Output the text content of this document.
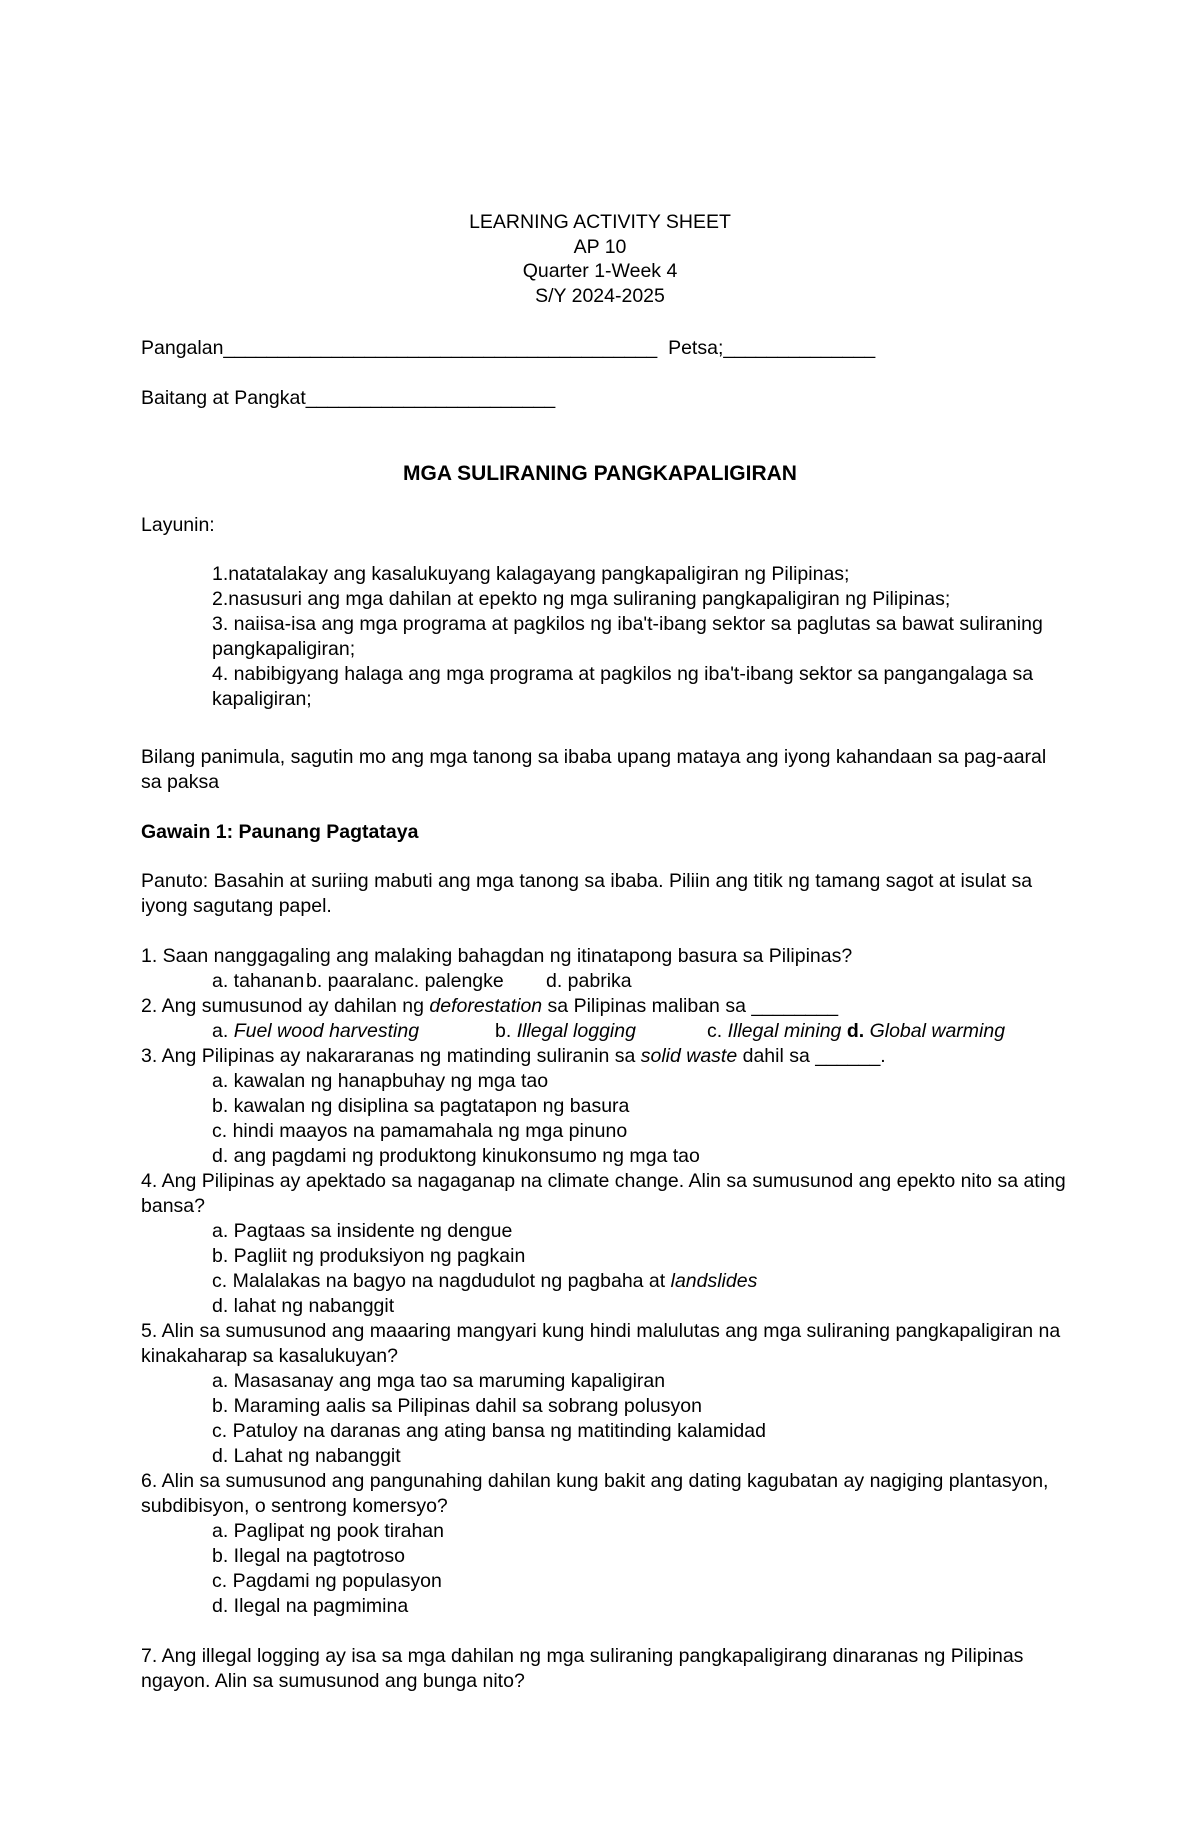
LEARNING ACTIVITY SHEET
AP 10
Quarter 1-Week 4
S/Y 2024-2025
Pangalan________________________________________ Petsa;______________
Baitang at Pangkat_______________________
MGA SULIRANING PANGKAPALIGIRAN
Layunin:
1.natatalakay ang kasalukuyang kalagayang pangkapaligiran ng Pilipinas;
2.nasusuri ang mga dahilan at epekto ng mga suliraning pangkapaligiran ng Pilipinas;
3. naiisa-isa ang mga programa at pagkilos ng iba't-ibang sektor sa paglutas sa bawat suliraning pangkapaligiran;
4. nabibigyang halaga ang mga programa at pagkilos ng iba't-ibang sektor sa pangangalaga sa kapaligiran;
Bilang panimula, sagutin mo ang mga tanong sa ibaba upang mataya ang iyong kahandaan sa pag-aaral sa paksa
Gawain 1: Paunang Pagtataya
Panuto: Basahin at suriing mabuti ang mga tanong sa ibaba. Piliin ang titik ng tamang sagot at isulat sa iyong sagutang papel.
1. Saan nanggagaling ang malaking bahagdan ng itinatapong basura sa Pilipinas?
a. tahananb. paaralanc. palengke d. pabrika
2. Ang sumusunod ay dahilan ng deforestation sa Pilipinas maliban sa ________
a. Fuel wood harvesting	b. Illegal logging	c. Illegal mining d. Global warming
3. Ang Pilipinas ay nakararanas ng matinding suliranin sa solid waste dahil sa ______.
a. kawalan ng hanapbuhay ng mga tao
b. kawalan ng disiplina sa pagtatapon ng basura
c. hindi maayos na pamamahala ng mga pinuno
d. ang pagdami ng produktong kinukonsumo ng mga tao
4. Ang Pilipinas ay apektado sa nagaganap na climate change. Alin sa sumusunod ang epekto nito sa ating bansa?
a. Pagtaas sa insidente ng dengue
b. Pagliit ng produksiyon ng pagkain
c. Malalakas na bagyo na nagdudulot ng pagbaha at landslides
d. lahat ng nabanggit
5. Alin sa sumusunod ang maaaring mangyari kung hindi malulutas ang mga suliraning pangkapaligiran na kinakaharap sa kasalukuyan?
a. Masasanay ang mga tao sa maruming kapaligiran
b. Maraming aalis sa Pilipinas dahil sa sobrang polusyon
c. Patuloy na daranas ang ating bansa ng matitinding kalamidad
d. Lahat ng nabanggit
6. Alin sa sumusunod ang pangunahing dahilan kung bakit ang dating kagubatan ay nagiging plantasyon, subdibisyon, o sentrong komersyo?
a. Paglipat ng pook tirahan
b. Ilegal na pagtotroso
c. Pagdami ng populasyon
d. Ilegal na pagmimina
7. Ang illegal logging ay isa sa mga dahilan ng mga suliraning pangkapaligirang dinaranas ng Pilipinas ngayon. Alin sa sumusunod ang bunga nito?
